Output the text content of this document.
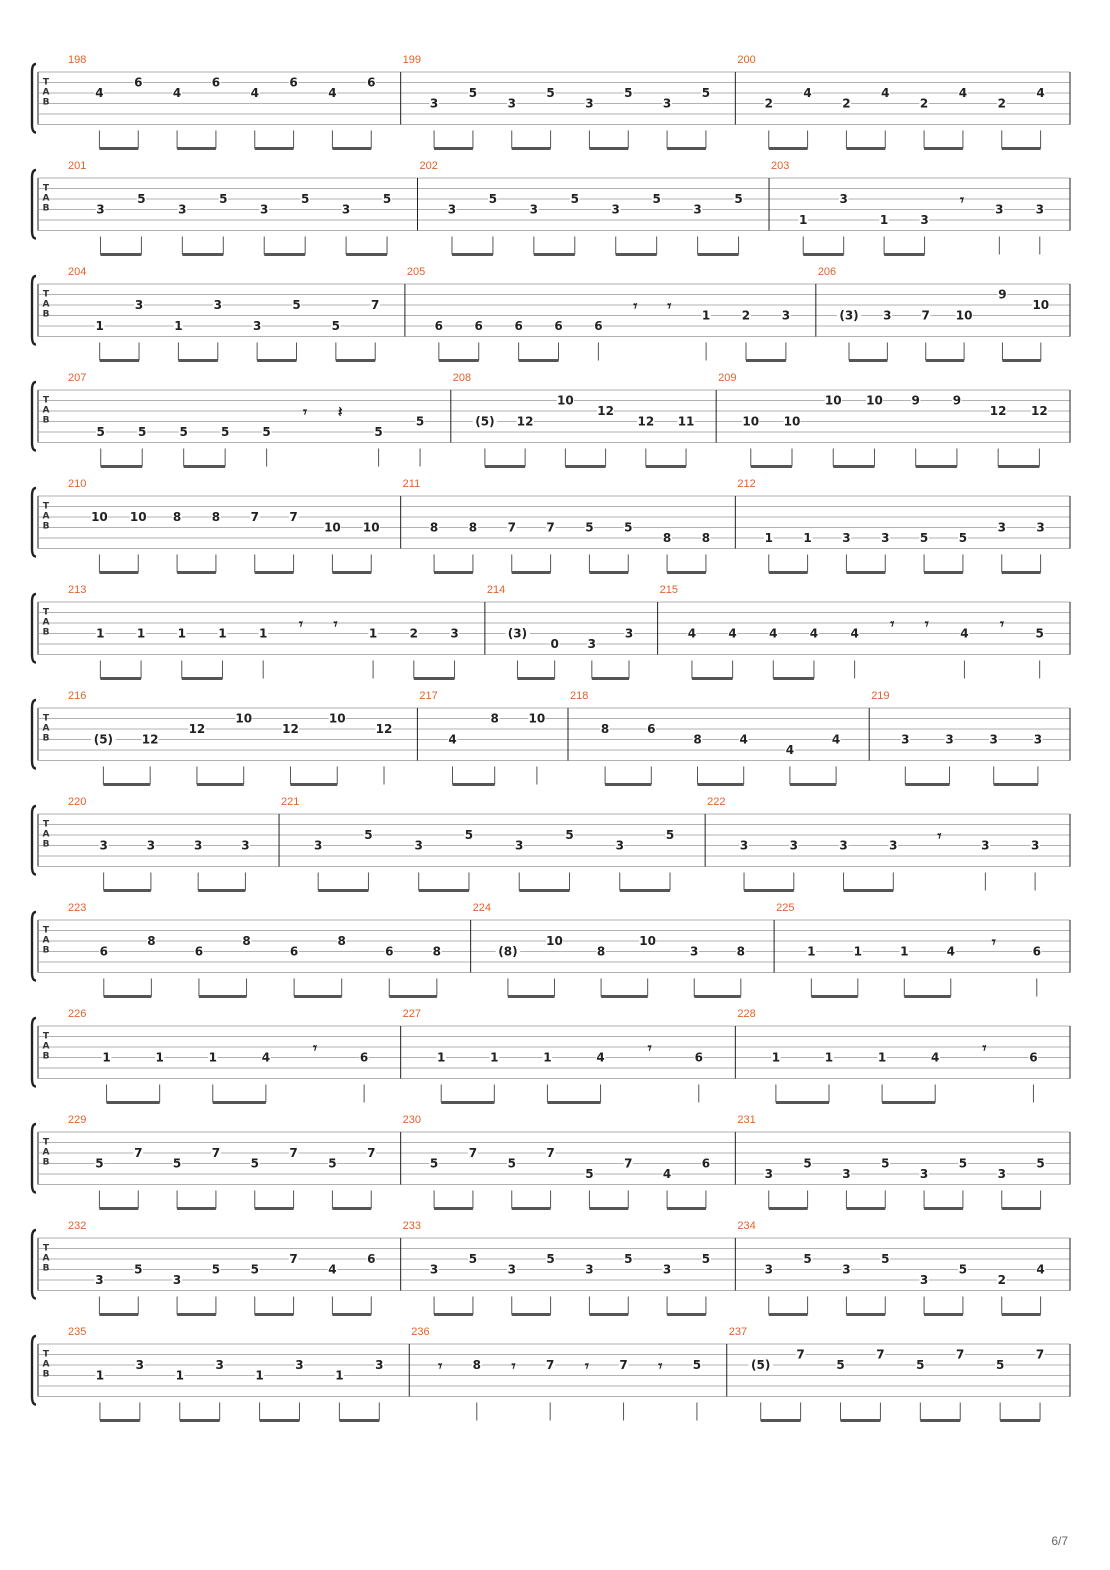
T
A
B
198
4
6
4
6
4
6
4
6
199
3
5
3
5
3
5
3
5
200
2
4
2
4
2
4
2
4
T
A
B
201
3
5
3
5
3
5
3
5
202
3
5
3
5
3
5
3
5
203
1
3
1	3
𝄾
3	3
T
A
B
204
1
3
1
3
3
5
5
7
205
6	6	6	6	6
𝄾 𝄾
1	2	3
206
(3) 3	7 10
9
10
T
A
B
207
5	5	5	5	5
𝄾 𝄽
5
5
208
(5) 12
10
12
12 11
209
10 10
10 10 9	9
12 12
T
A
B
210
10 10 8	8	7	7
10 10
211
8	8	7	7	5	5
8	8
212
1	1	3	3	5	5
3	3
T
A
B
213
1	1	1	1	1
𝄾 𝄾
1	2	3
214
(3)
0 3
3
215
4	4	4	4	4
𝄾 𝄾
4
𝄾
5
T
A
B
216
(5) 12
12
10
12
10
12
217
4
8 10
218
8	6
8	4
4
4
219
3	3	3	3
T
A
B
220
3	3	3	3
221
3
5
3
5
3
5
3
5
222
3	3	3	3
𝄾
3	3
T
A
B
223
6
8
6
8
6
8
6	8
224
(8)
10
8
10
3	8
225
1	1	1	4
𝄾
6
T
A
B
226
1	1	1	4
𝄾
6
227
1	1	1	4
𝄾
6
228
1	1	1	4
𝄾
6
T
A
B
229
5
7
5
7
5
7
5
7
230
5
7
5
7
5
7
4
6
231
3
5
3
5
3
5
3
5
T
A
B
232
3
5
3
5	5
7
4
6
233
3
5
3
5
3
5
3
5
234
3
5
3
5
3
5
2
4
T
A
B
235
1
3
1
3
1
3
1
3
236
𝄾	8 𝄾	7 𝄾	7 𝄾	5
237
(5)
7
5
7
5
7
5
7
6/7
